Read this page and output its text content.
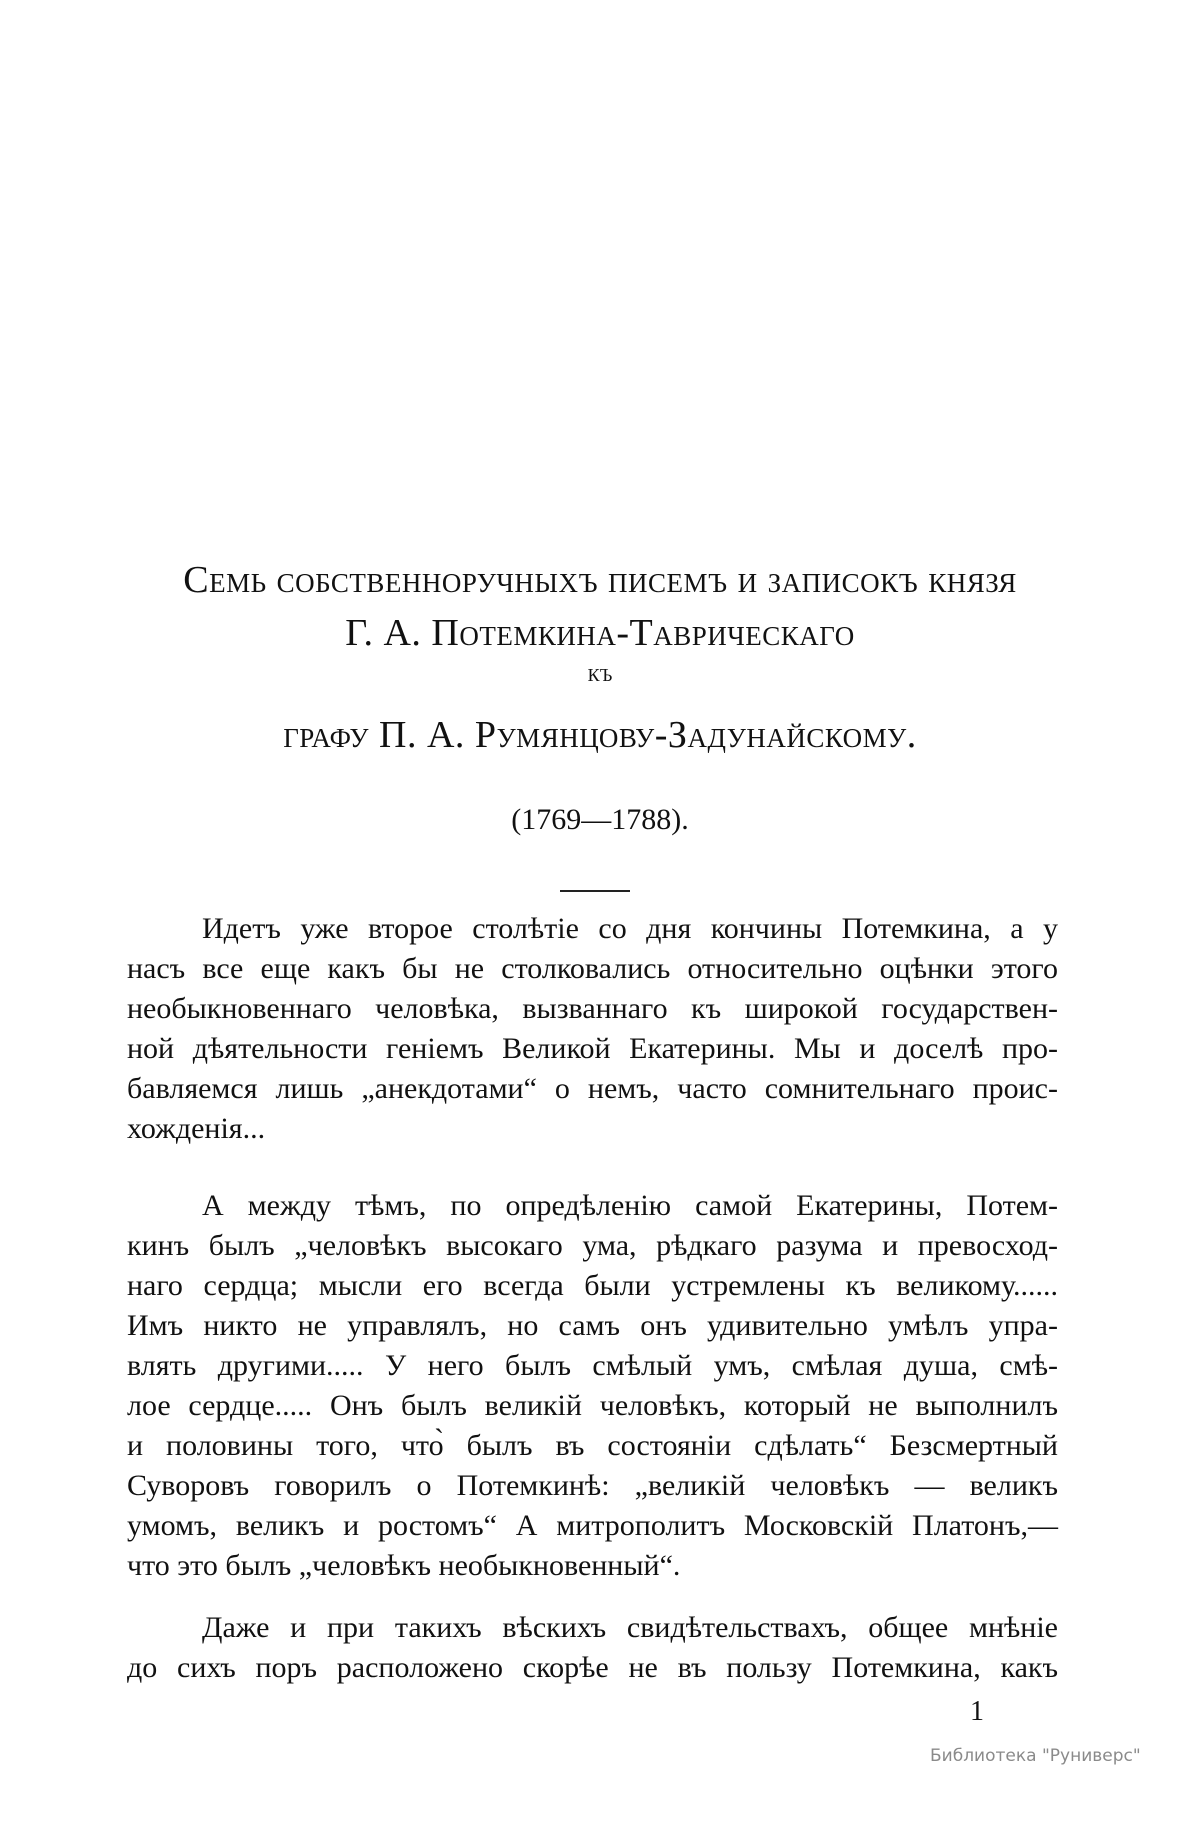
Семь собственноручныхъ писемъ и записокъ князя
Г. А. Потемкина-Таврическаго
къ
графу П. А. Румянцову-Задунайскому.
(1769—1788).
Идетъ уже второе столѣтіе со дня кончины Потемкина, а у
насъ все еще какъ бы не столковались относительно оцѣнки этого
необыкновеннаго человѣка, вызваннаго къ широкой государствен-
ной дѣятельности геніемъ Великой Екатерины. Мы и доселѣ про-
бавляемся лишь „анекдотами“ о немъ, часто сомнительнаго проис-
хожденія...
А между тѣмъ, по опредѣленію самой Екатерины, Потем-
кинъ былъ „человѣкъ высокаго ума, рѣдкаго разума и превосход-
наго сердца; мысли его всегда были устремлены къ великому......
Имъ никто не управлялъ, но самъ онъ удивительно умѣлъ упра-
влять другими..... У него былъ смѣлый умъ, смѣлая душа, смѣ-
лое сердце..... Онъ былъ великій человѣкъ, который не выполнилъ
и половины того, что̀ былъ въ состояніи сдѣлать“ Безсмертный
Суворовъ говорилъ о Потемкинѣ: „великій человѣкъ — великъ
умомъ, великъ и ростомъ“ А митрополитъ Московскій Платонъ,—
что это былъ „человѣкъ необыкновенный“.
Даже и при такихъ вѣскихъ свидѣтельствахъ, общее мнѣніе
до сихъ поръ расположено скорѣе не въ пользу Потемкина, какъ
1
Библиотека "Руниверс"
